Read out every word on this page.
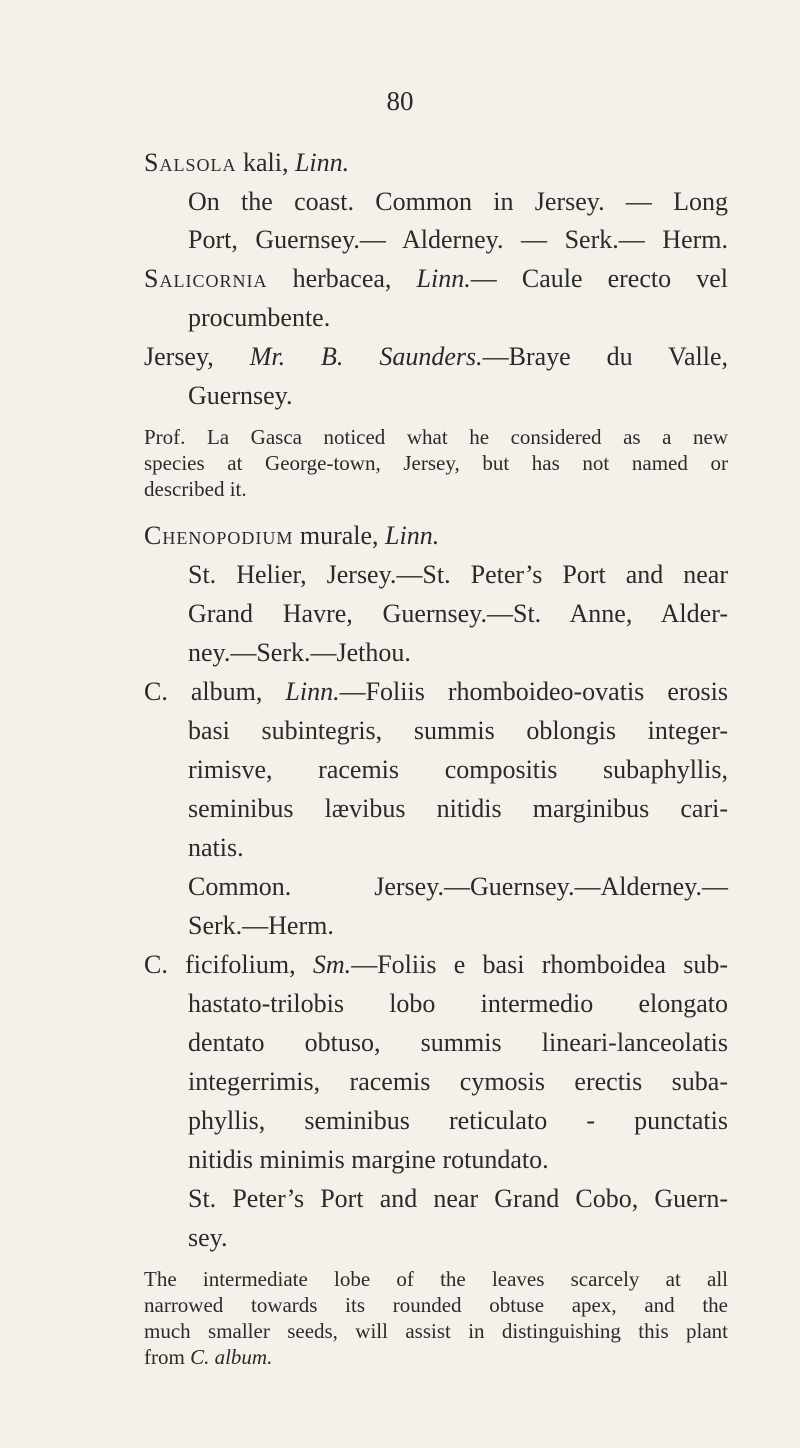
80
Salsola kali, Linn.
On the coast. Common in Jersey. — Long
Port, Guernsey.— Alderney. — Serk.— Herm.
Salicornia herbacea, Linn.— Caule erecto vel
procumbente.
Jersey, Mr. B. Saunders.—Braye du Valle,
Guernsey.
Prof. La Gasca noticed what he considered as a new
species at George-town, Jersey, but has not named or
described it.
Chenopodium murale, Linn.
St. Helier, Jersey.—St. Peter’s Port and near
Grand Havre, Guernsey.—St. Anne, Alder-
ney.—Serk.—Jethou.
C. album, Linn.—Foliis rhomboideo-ovatis erosis
basi subintegris, summis oblongis integer-
rimisve, racemis compositis subaphyllis,
seminibus lævibus nitidis marginibus cari-
natis.
Common. Jersey.—Guernsey.—Alderney.—
Serk.—Herm.
C. ficifolium, Sm.—Foliis e basi rhomboidea sub-
hastato-trilobis lobo intermedio elongato
dentato obtuso, summis lineari-lanceolatis
integerrimis, racemis cymosis erectis suba-
phyllis, seminibus reticulato - punctatis
nitidis minimis margine rotundato.
St. Peter’s Port and near Grand Cobo, Guern-
sey.
The intermediate lobe of the leaves scarcely at all
narrowed towards its rounded obtuse apex, and the
much smaller seeds, will assist in distinguishing this plant
from C. album.
